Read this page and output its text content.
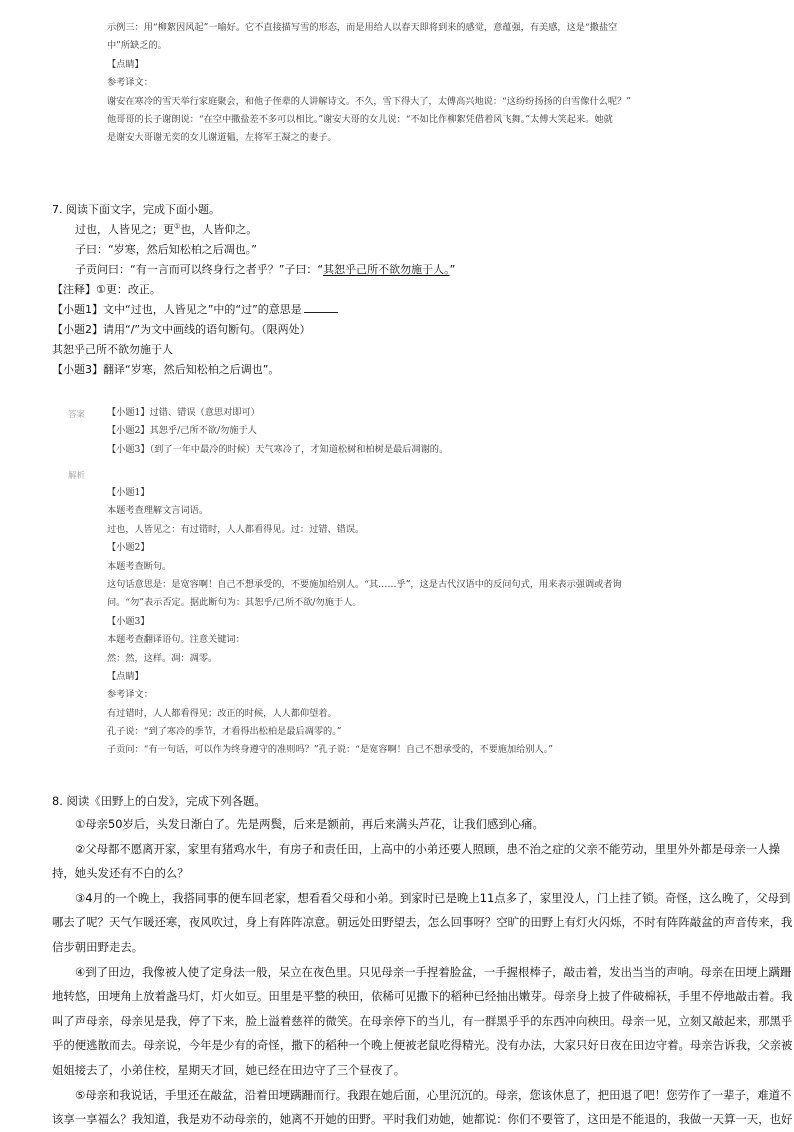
示例三：用“柳絮因风起”一喻好。它不直接描写雪的形态，而是用给人以春天即将到来的感觉，意蕴强，有美感，这是“撒盐空
中”所缺乏的。
【点睛】
参考译文：
谢安在寒冷的雪天举行家庭聚会，和他子侄辈的人讲解诗文。不久，雪下得大了，太傅高兴地说：“这纷纷扬扬的白雪像什么呢？”
他哥哥的长子谢朗说：“在空中撒盐差不多可以相比。”谢安大哥的女儿说：“不如比作柳絮凭借着风飞舞。”太傅大笑起来。她就
是谢安大哥谢无奕的女儿谢道韫，左将军王凝之的妻子。
7. 阅读下面文字，完成下面小题。
过也，人皆见之；更①也，人皆仰之。
子曰：“岁寒，然后知松柏之后凋也。”
子贡问曰：“有一言而可以终身行之者乎？”子曰：“其恕乎己所不欲勿施于人。”
【注释】①更：改正。
【小题1】文中“过也，人皆见之”中的“过”的意思是
【小题2】请用“/”为文中画线的语句断句。（限两处）
其恕乎己所不欲勿施于人
【小题3】翻译“岁寒，然后知松柏之后调也”。
答案 【小题1】过错、错误（意思对即可）
【小题2】其恕乎/己所不欲/勿施于人
【小题3】（到了一年中最冷的时候）天气寒冷了，才知道松树和柏树是最后凋谢的。
解析
【小题1】
本题考查理解文言词语。
过也，人皆见之：有过错时，人人都看得见。过：过错、错误。
【小题2】
本题考查断句。
这句话意思是：是宽容啊！自己不想承受的，不要施加给别人。“其……乎”，这是古代汉语中的反问句式，用来表示强调或者询
问。“勿”表示否定。据此断句为：其恕乎/己所不欲/勿施于人。
【小题3】
本题考查翻译语句。注意关键词：
然：然，这样。凋：凋零。
【点睛】
参考译文：
有过错时，人人都看得见；改正的时候，人人都仰望着。
孔子说：“到了寒冷的季节，才看得出松柏是最后凋零的。”
子贡问：“有一句话，可以作为终身遵守的准则吗？”孔子说：“是宽容啊！自己不想承受的，不要施加给别人。”
8. 阅读《田野上的白发》，完成下列各题。
①母亲50岁后，头发日渐白了。先是两鬓，后来是额前，再后来满头芦花，让我们感到心痛。
②父母都不愿离开家，家里有猪鸡水牛，有房子和责任田，上高中的小弟还要人照顾，患不治之症的父亲不能劳动，里里外外都是母亲一人操
持，她头发还有不白的么？
③4月的一个晚上，我搭同事的便车回老家，想看看父母和小弟。到家时已是晚上11点多了，家里没人，门上挂了锁。奇怪，这么晚了，父母到
哪去了呢？天气乍暖还寒，夜风吹过，身上有阵阵凉意。朝远处田野望去，怎么回事呀？空旷的田野上有灯火闪烁，不时有阵阵敲盆的声音传来，我
信步朝田野走去。
④到了田边，我像被人使了定身法一般，呆立在夜色里。只见母亲一手捏着脸盆，一手握根棒子，敲击着，发出当当的声响。母亲在田埂上蹒跚
地转悠，田埂角上放着盏马灯，灯火如豆。田里是平整的秧田，依稀可见撒下的稻种已经抽出嫩芽。母亲身上披了件破棉袄，手里不停地敲击着。我
叫了声母亲，母亲见是我，停了下来，脸上溢着慈祥的微笑。在母亲停下的当儿，有一群黑乎乎的东西冲向秧田。母亲一见，立刻又敲起来，那黑乎
乎的便逃散而去。母亲说，今年是少有的奇怪，撒下的稻种一个晚上便被老鼠吃得精光。没有办法，大家只好日夜在田边守着。母亲告诉我，父亲被
姐姐接去了，小弟住校，星期天才回，她已经在田边守了三个昼夜了。
⑤母亲和我说话，手里还在敲盆，沿着田埂蹒跚而行。我跟在她后面，心里沉沉的。母亲，您该休息了，把田退了吧！您劳作了一辈子，难道不
该享一享福么？我知道，我是劝不动母亲的，她离不开她的田野。平时我们劝她，她都说：你们不要管了，这田是不能退的，我做一天算一天，也好
